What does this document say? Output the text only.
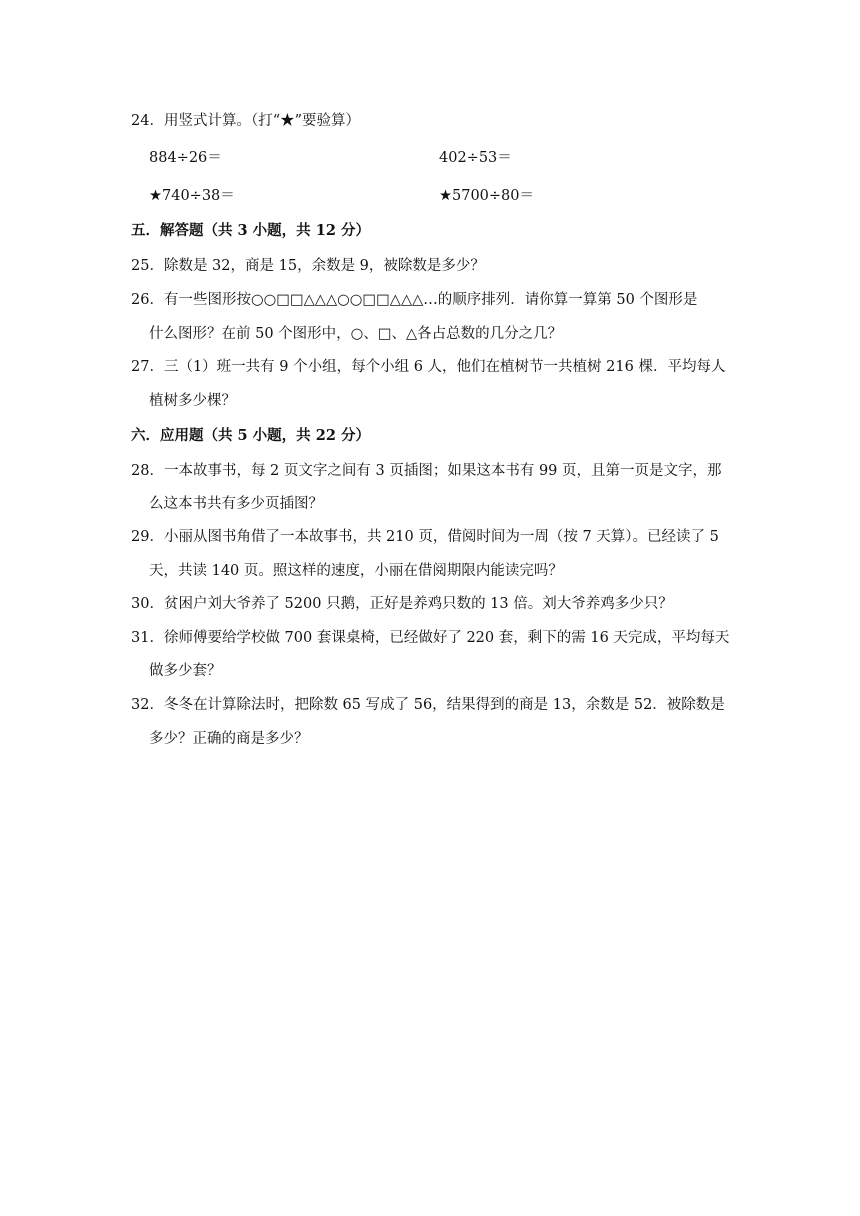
24．用竖式计算。（打“★”要验算）
884÷26＝	402÷53＝
★740÷38＝	★5700÷80＝
五．解答题（共 3 小题，共 12 分）
25．除数是 32，商是 15，余数是 9，被除数是多少？
26．有一些图形按○○□□△△△○○□□△△△…的顺序排列．请你算一算第 50 个图形是
什么图形？在前 50 个图形中，○、□、△各占总数的几分之几？
27．三（1）班一共有 9 个小组，每个小组 6 人，他们在植树节一共植树 216 棵．平均每人
植树多少棵？
六．应用题（共 5 小题，共 22 分）
28．一本故事书，每 2 页文字之间有 3 页插图；如果这本书有 99 页，且第一页是文字，那
么这本书共有多少页插图？
29．小丽从图书角借了一本故事书，共 210 页，借阅时间为一周（按 7 天算）。已经读了 5
天，共读 140 页。照这样的速度，小丽在借阅期限内能读完吗？
30．贫困户刘大爷养了 5200 只鹅，正好是养鸡只数的 13 倍。刘大爷养鸡多少只？
31．徐师傅要给学校做 700 套课桌椅，已经做好了 220 套，剩下的需 16 天完成，平均每天
做多少套？
32．冬冬在计算除法时，把除数 65 写成了 56，结果得到的商是 13，余数是 52．被除数是
多少？正确的商是多少？
